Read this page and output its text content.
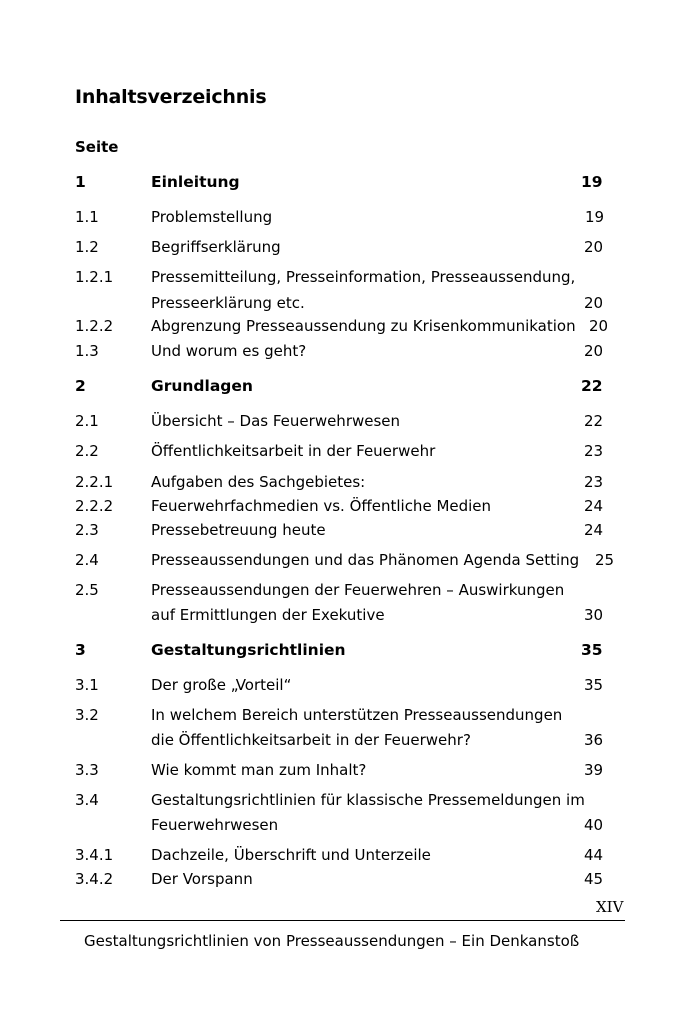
Inhaltsverzeichnis
Seite
1	Einleitung	19
1.1	Problemstellung	19
1.2	Begriffserklärung	20
1.2.1	Pressemitteilung, Presseinformation, Presseaussendung,
Presseerklärung etc.	20
1.2.2	Abgrenzung Presseaussendung zu Krisenkommunikation 20
1.3	Und worum es geht?	20
2	Grundlagen	22
2.1	Übersicht – Das Feuerwehrwesen	22
2.2	Öffentlichkeitsarbeit in der Feuerwehr	23
2.2.1	Aufgaben des Sachgebietes:	23
2.2.2	Feuerwehrfachmedien vs. Öffentliche Medien	24
2.3	Pressebetreuung heute	24
2.4	Presseaussendungen und das Phänomen Agenda Setting 25
2.5	Presseaussendungen der Feuerwehren – Auswirkungen
auf Ermittlungen der Exekutive	30
3	Gestaltungsrichtlinien	35
3.1	Der große „Vorteil“	35
3.2	In welchem Bereich unterstützen Presseaussendungen
die Öffentlichkeitsarbeit in der Feuerwehr?	36
3.3	Wie kommt man zum Inhalt?	39
3.4	Gestaltungsrichtlinien für klassische Pressemeldungen im
Feuerwehrwesen	40
3.4.1	Dachzeile, Überschrift und Unterzeile	44
3.4.2	Der Vorspann	45
XIV
Gestaltungsrichtlinien von Presseaussendungen – Ein Denkanstoß
